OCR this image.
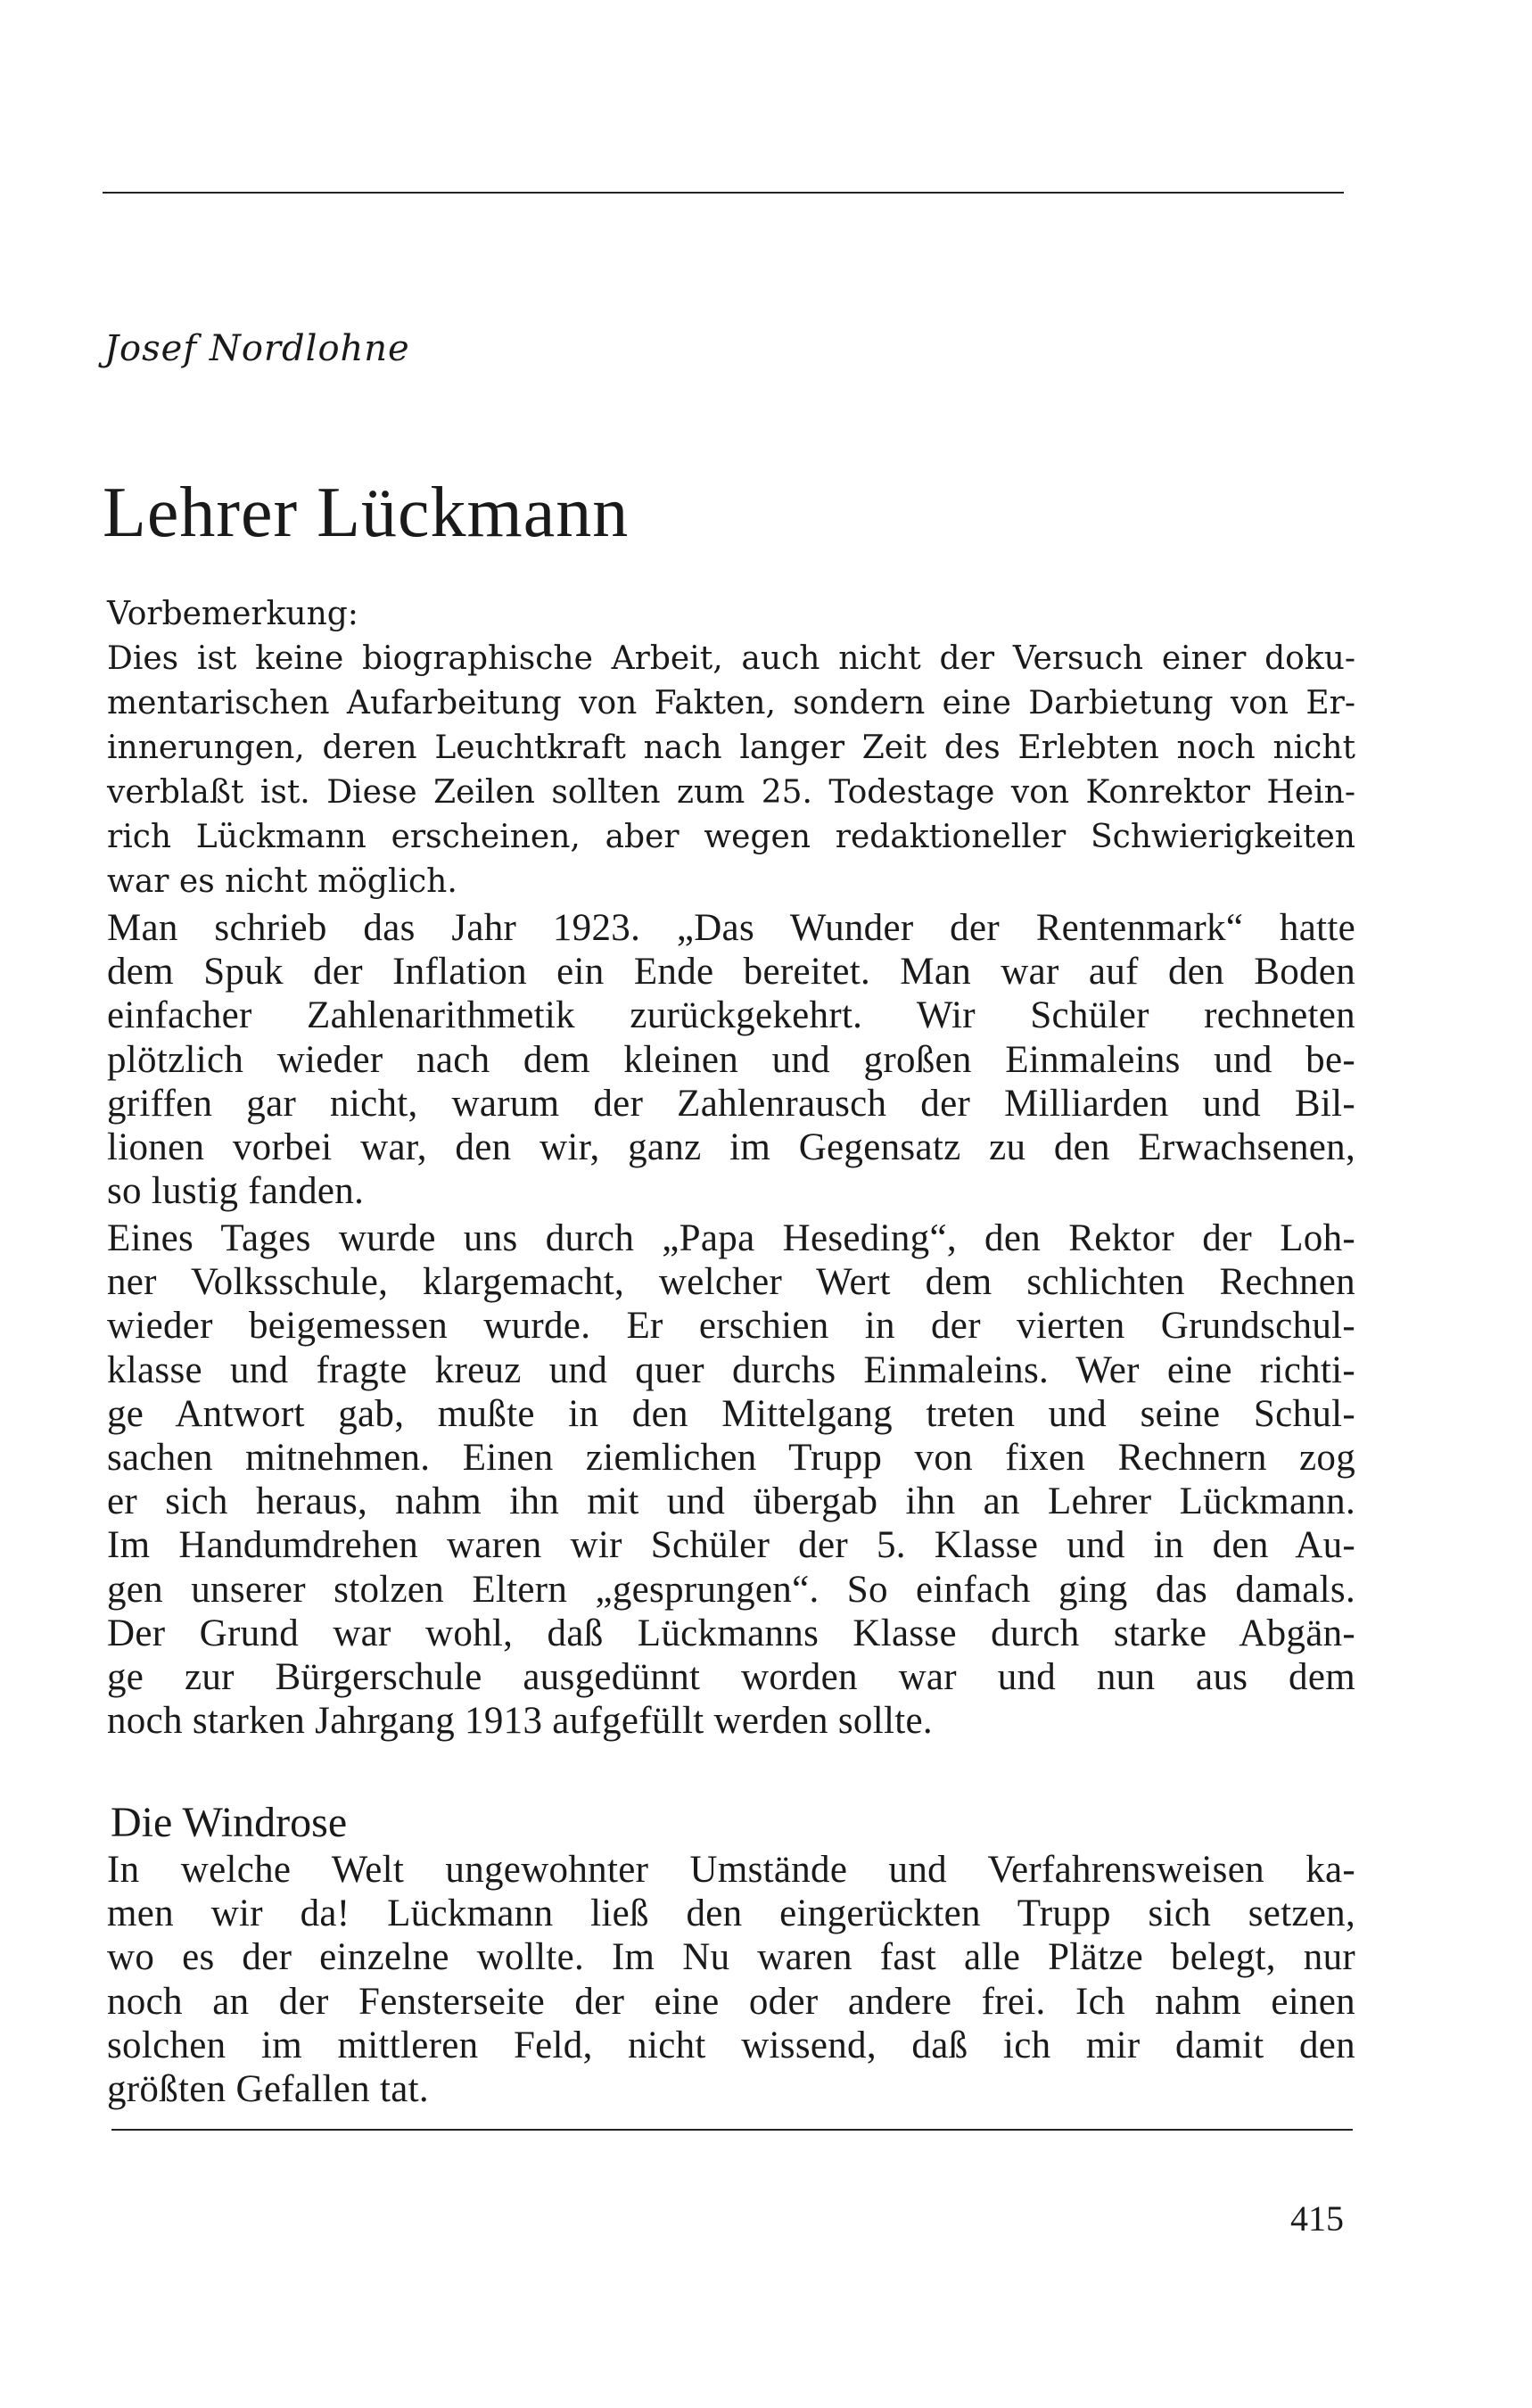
Josef Nordlohne
Lehrer Lückmann
Vorbemerkung:
Dies ist keine biographische Arbeit, auch nicht der Versuch einer doku-
mentarischen Aufarbeitung von Fakten, sondern eine Darbietung von Er-
innerungen, deren Leuchtkraft nach langer Zeit des Erlebten noch nicht
verblaßt ist. Diese Zeilen sollten zum 25. Todestage von Konrektor Hein-
rich Lückmann erscheinen, aber wegen redaktioneller Schwierigkeiten
war es nicht möglich.
Man schrieb das Jahr 1923. „Das Wunder der Rentenmark“ hatte
dem Spuk der Inflation ein Ende bereitet. Man war auf den Boden
einfacher Zahlenarithmetik zurückgekehrt. Wir Schüler rechneten
plötzlich wieder nach dem kleinen und großen Einmaleins und be-
griffen gar nicht, warum der Zahlenrausch der Milliarden und Bil-
lionen vorbei war, den wir, ganz im Gegensatz zu den Erwachsenen,
so lustig fanden.
Eines Tages wurde uns durch „Papa Heseding“, den Rektor der Loh-
ner Volksschule, klargemacht, welcher Wert dem schlichten Rechnen
wieder beigemessen wurde. Er erschien in der vierten Grundschul-
klasse und fragte kreuz und quer durchs Einmaleins. Wer eine richti-
ge Antwort gab, mußte in den Mittelgang treten und seine Schul-
sachen mitnehmen. Einen ziemlichen Trupp von fixen Rechnern zog
er sich heraus, nahm ihn mit und übergab ihn an Lehrer Lückmann.
Im Handumdrehen waren wir Schüler der 5. Klasse und in den Au-
gen unserer stolzen Eltern „gesprungen“. So einfach ging das damals.
Der Grund war wohl, daß Lückmanns Klasse durch starke Abgän-
ge zur Bürgerschule ausgedünnt worden war und nun aus dem
noch starken Jahrgang 1913 aufgefüllt werden sollte.
Die Windrose
In welche Welt ungewohnter Umstände und Verfahrensweisen ka-
men wir da! Lückmann ließ den eingerückten Trupp sich setzen,
wo es der einzelne wollte. Im Nu waren fast alle Plätze belegt, nur
noch an der Fensterseite der eine oder andere frei. Ich nahm einen
solchen im mittleren Feld, nicht wissend, daß ich mir damit den
größten Gefallen tat.
415
